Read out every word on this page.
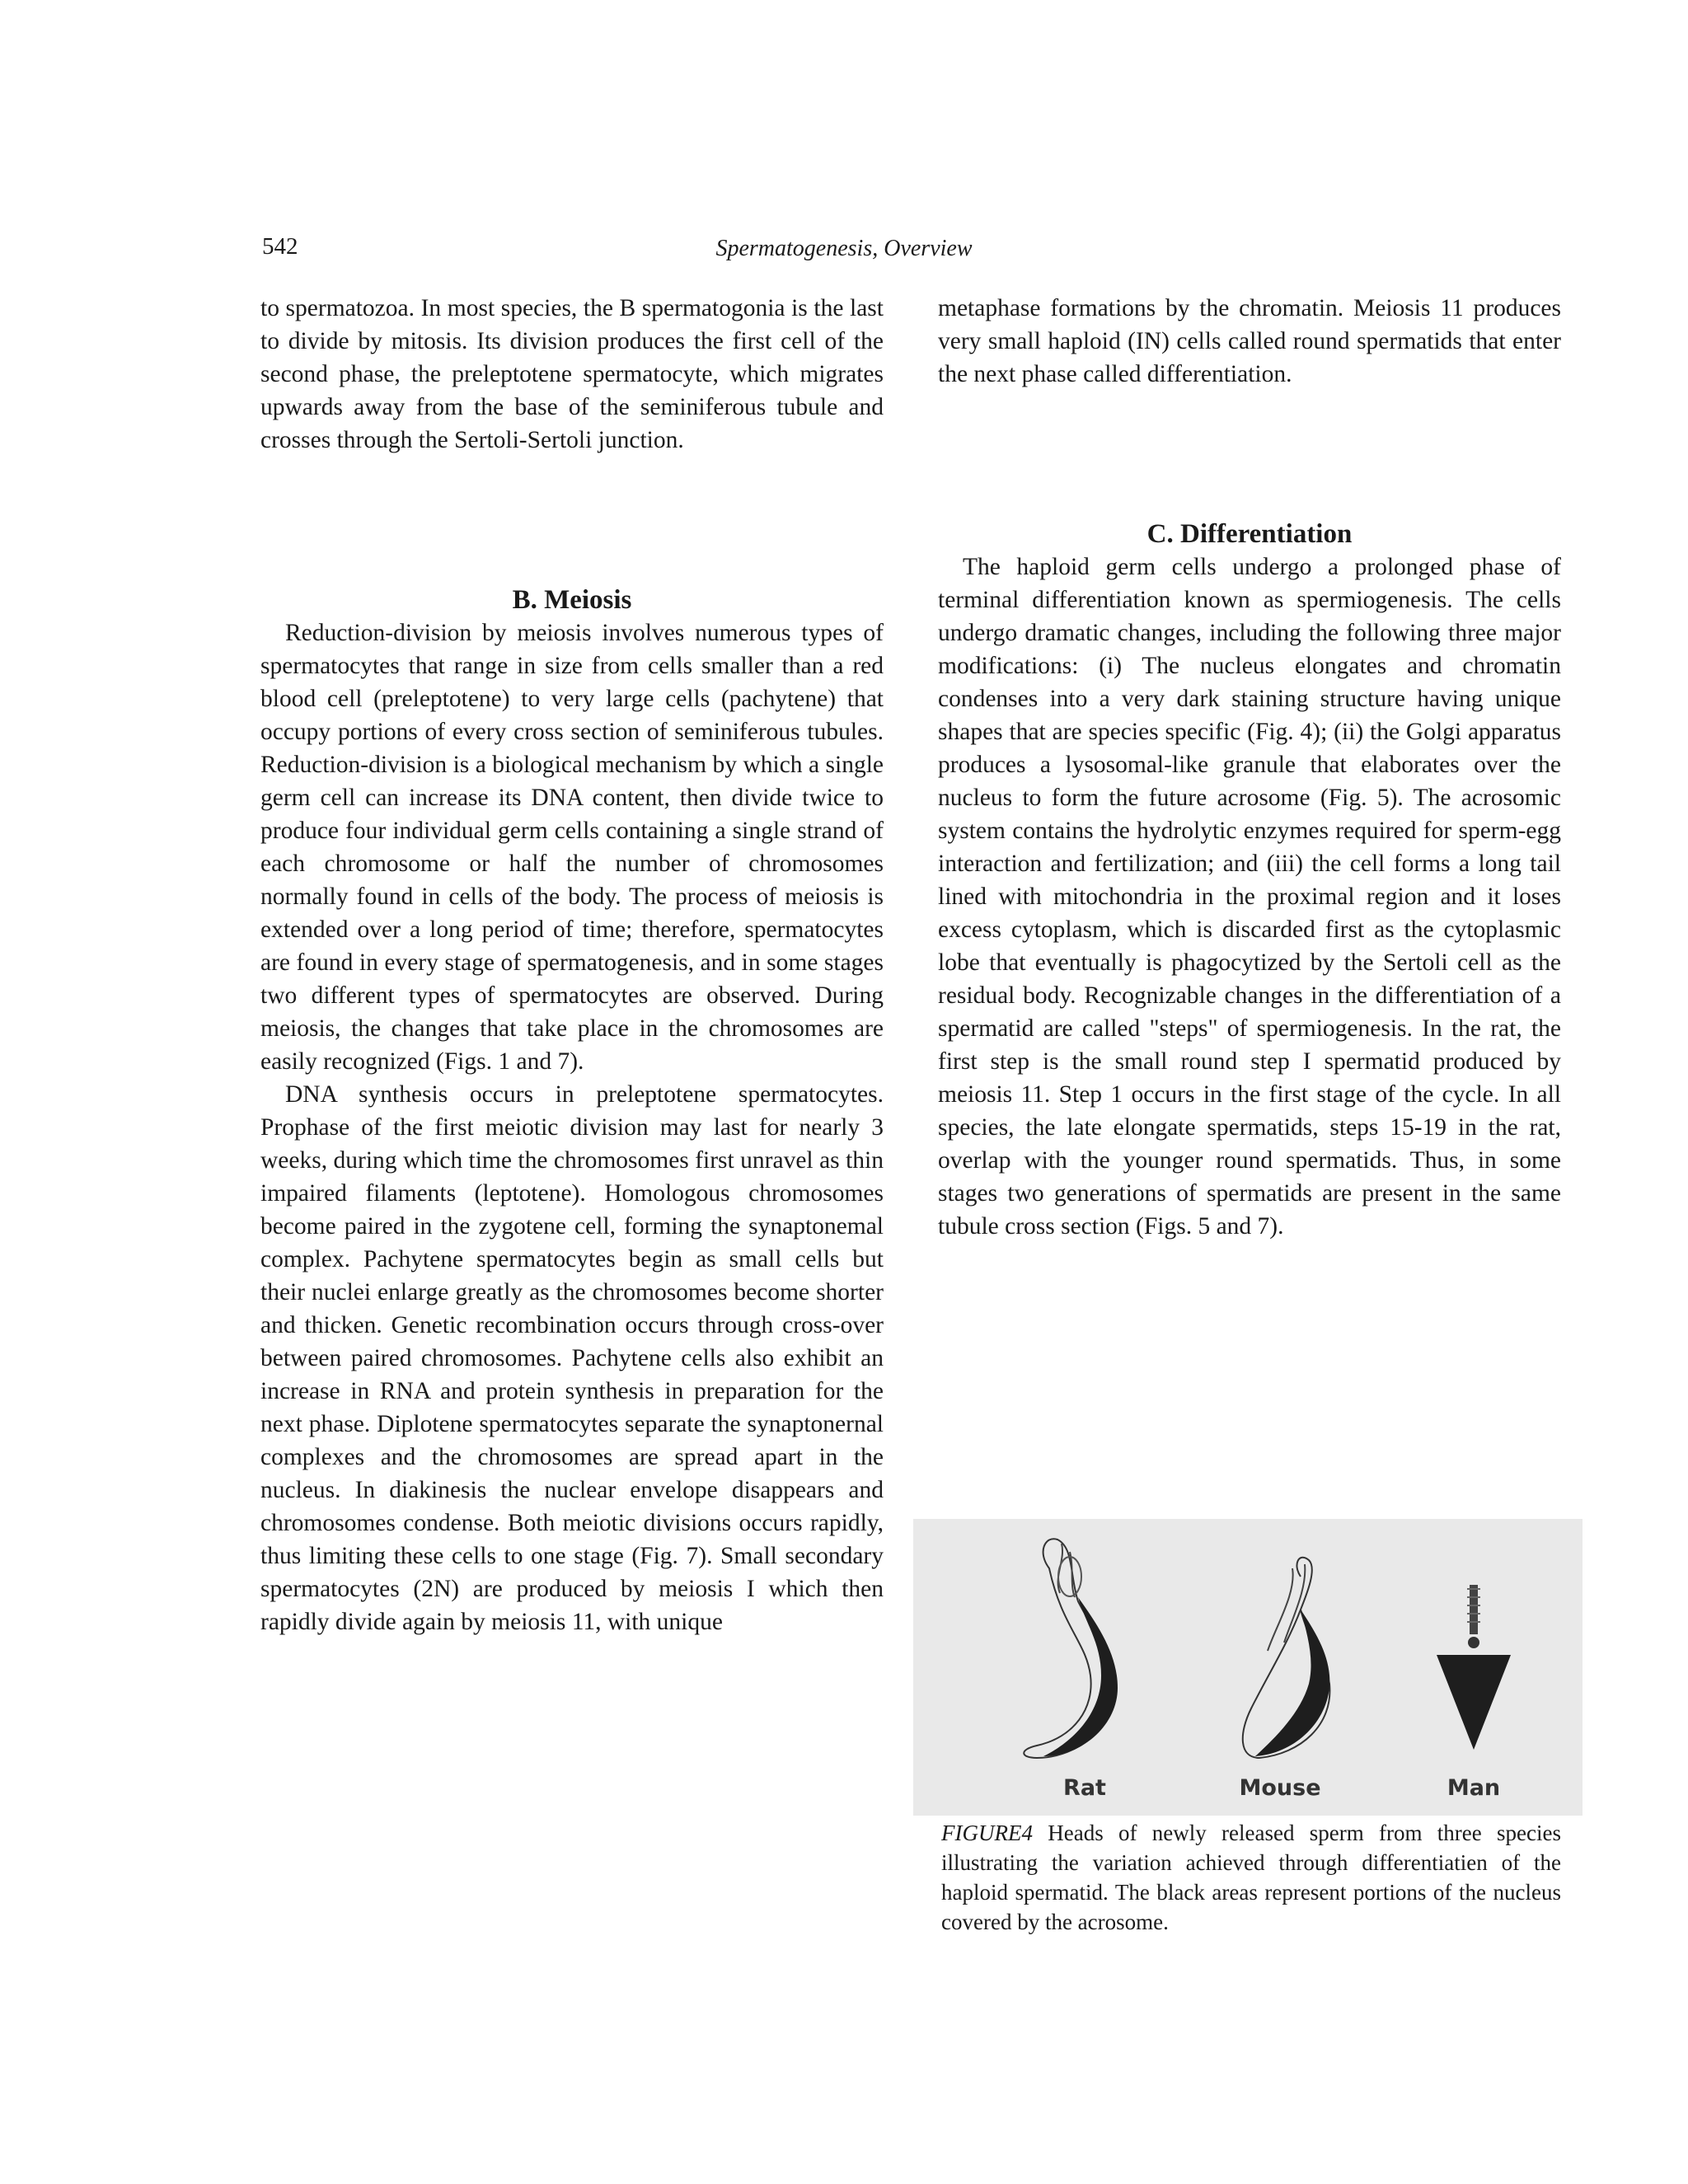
542	Spermatogenesis, Overview

to spermatozoa. In most species, the B spermatogonia is the last to divide by mitosis. Its division produces the first cell of the second phase, the preleptotene spermatocyte, which migrates upwards away from the base of the seminiferous tubule and crosses through the Sertoli-Sertoli junction.

B. Meiosis

Reduction-division by meiosis involves numerous types of spermatocytes that range in size from cells smaller than a red blood cell (preleptotene) to very large cells (pachytene) that occupy portions of every cross section of seminiferous tubules. Reduction-division is a biological mechanism by which a single germ cell can increase its DNA content, then divide twice to produce four individual germ cells containing a single strand of each chromosome or half the number of chromosomes normally found in cells of the body. The process of meiosis is extended over a long period of time; therefore, spermatocytes are found in every stage of spermatogenesis, and in some stages two different types of spermatocytes are observed. During meiosis, the changes that take place in the chromosomes are easily recognized (Figs. 1 and 7).

DNA synthesis occurs in preleptotene spermatocytes. Prophase of the first meiotic division may last for nearly 3 weeks, during which time the chromosomes first unravel as thin impaired filaments (leptotene). Homologous chromosomes become paired in the zygotene cell, forming the synaptonemal complex. Pachytene spermatocytes begin as small cells but their nuclei enlarge greatly as the chromosomes become shorter and thicken. Genetic recombination occurs through cross-over between paired chromosomes. Pachytene cells also exhibit an increase in RNA and protein synthesis in preparation for the next phase. Diplotene spermatocytes separate the synaptonernal complexes and the chromosomes are spread apart in the nucleus. In diakinesis the nuclear envelope disappears and chromosomes condense. Both meiotic divisions occurs rapidly, thus limiting these cells to one stage (Fig. 7). Small secondary spermatocytes (2N) are produced by meiosis I which then rapidly divide again by meiosis 11, with unique

metaphase formations by the chromatin. Meiosis 11 produces very small haploid (IN) cells called round spermatids that enter the next phase called differentiation.

C. Differentiation

The haploid germ cells undergo a prolonged phase of terminal differentiation known as spermiogenesis. The cells undergo dramatic changes, including the following three major modifications: (i) The nucleus elongates and chromatin condenses into a very dark staining structure having unique shapes that are species specific (Fig. 4); (ii) the Golgi apparatus produces a lysosomal-like granule that elaborates over the nucleus to form the future acrosome (Fig. 5). The acrosomic system contains the hydrolytic enzymes required for sperm-egg interaction and fertilization; and (iii) the cell forms a long tail lined with mitochondria in the proximal region and it loses excess cytoplasm, which is discarded first as the cytoplasmic lobe that eventually is phagocytized by the Sertoli cell as the residual body. Recognizable changes in the differentiation of a spermatid are called "steps" of spermiogenesis. In the rat, the first step is the small round step I spermatid produced by meiosis 11. Step 1 occurs in the first stage of the cycle. In all species, the late elongate spermatids, steps 15-19 in the rat, overlap with the younger round spermatids. Thus, in some stages two generations of spermatids are present in the same tubule cross section (Figs. 5 and 7).

Rat	Mouse	Man
FIGURE4 Heads of newly released sperm from three species illustrating the variation achieved through differentiatien of the haploid spermatid. The black areas represent portions of the nucleus covered by the acrosome.
